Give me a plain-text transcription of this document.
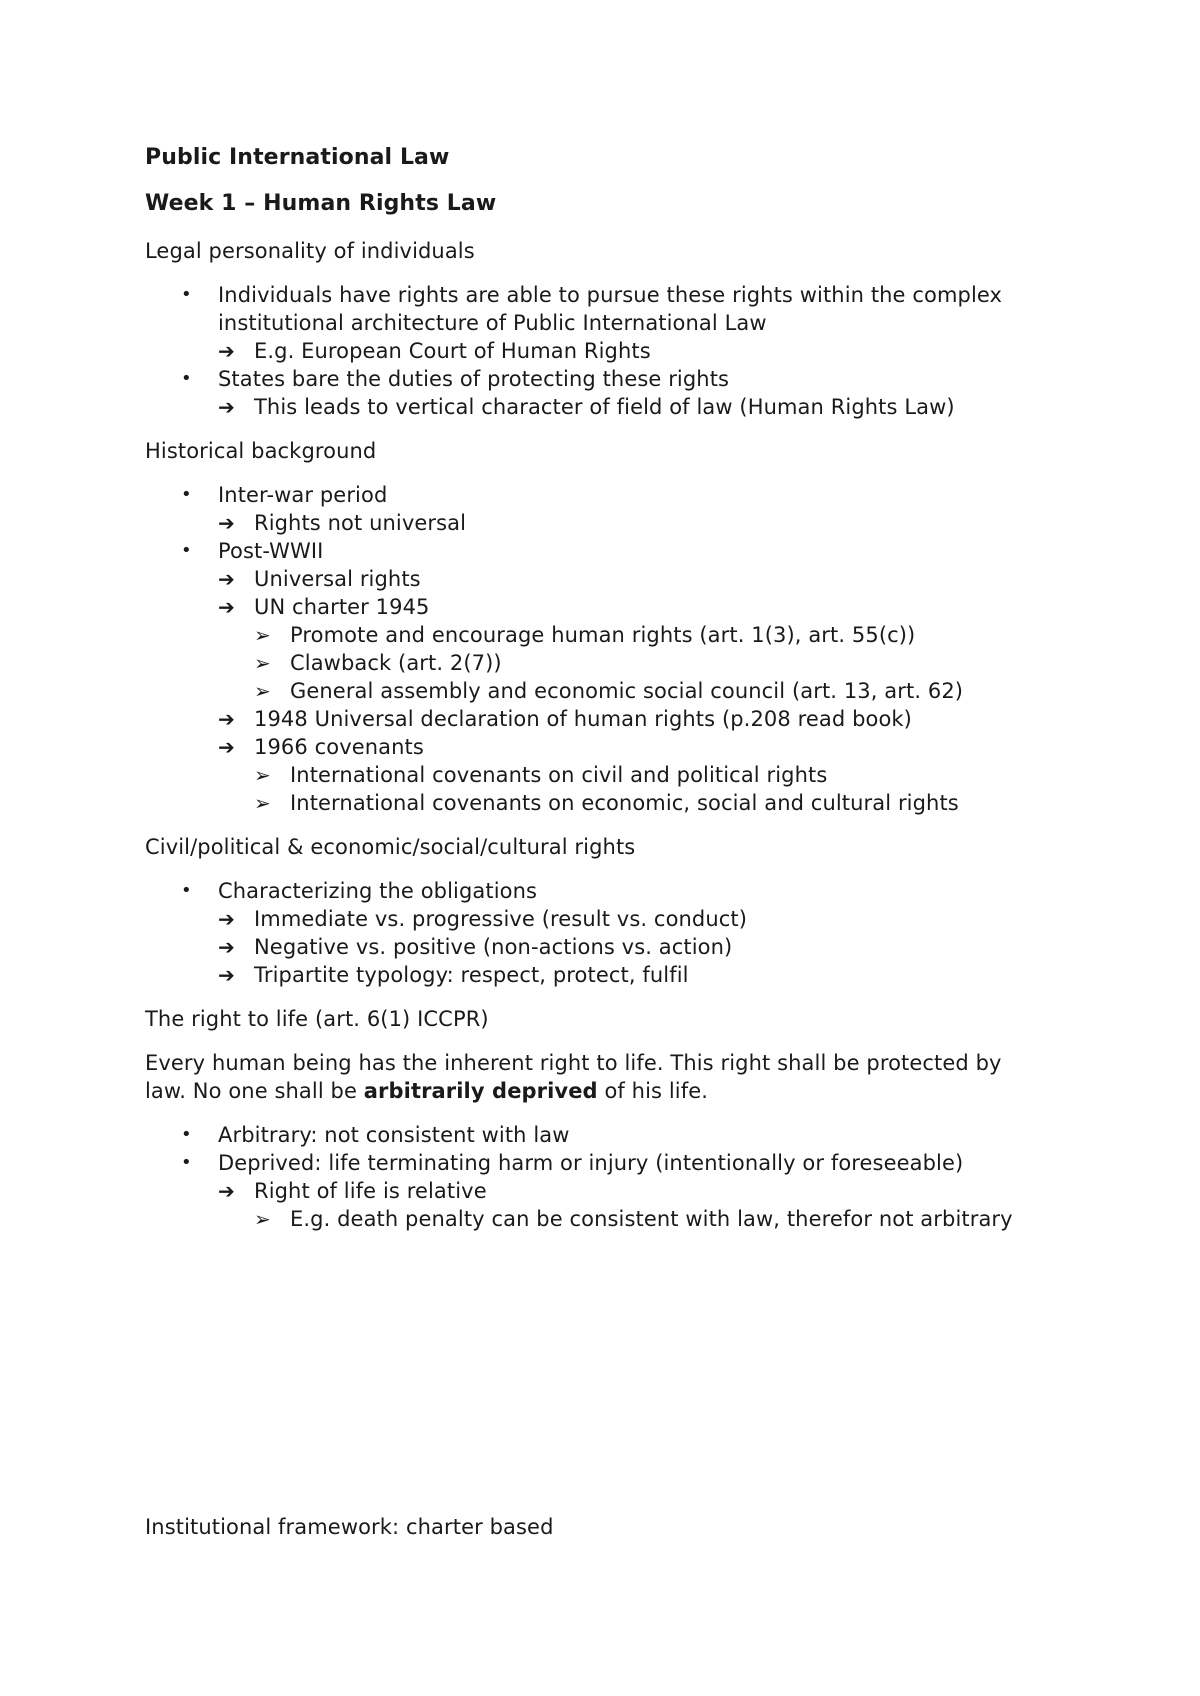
Public International Law
Week 1 – Human Rights Law
Legal personality of individuals
• Individuals have rights are able to pursue these rights within the complex
institutional architecture of Public International Law
➔ E.g. European Court of Human Rights
• States bare the duties of protecting these rights
➔ This leads to vertical character of field of law (Human Rights Law)
Historical background
• Inter-war period
➔ Rights not universal
• Post-WWII
➔ Universal rights
➔ UN charter 1945
➢ Promote and encourage human rights (art. 1(3), art. 55(c))
➢ Clawback (art. 2(7))
➢ General assembly and economic social council (art. 13, art. 62)
➔ 1948 Universal declaration of human rights (p.208 read book)
➔ 1966 covenants
➢ International covenants on civil and political rights
➢ International covenants on economic, social and cultural rights
Civil/political & economic/social/cultural rights
• Characterizing the obligations
➔ Immediate vs. progressive (result vs. conduct)
➔ Negative vs. positive (non-actions vs. action)
➔ Tripartite typology: respect, protect, fulfil
The right to life (art. 6(1) ICCPR)
Every human being has the inherent right to life. This right shall be protected by
law. No one shall be arbitrarily deprived of his life.
• Arbitrary: not consistent with law
• Deprived: life terminating harm or injury (intentionally or foreseeable)
➔ Right of life is relative
➢ E.g. death penalty can be consistent with law, therefor not arbitrary
Institutional framework: charter based
